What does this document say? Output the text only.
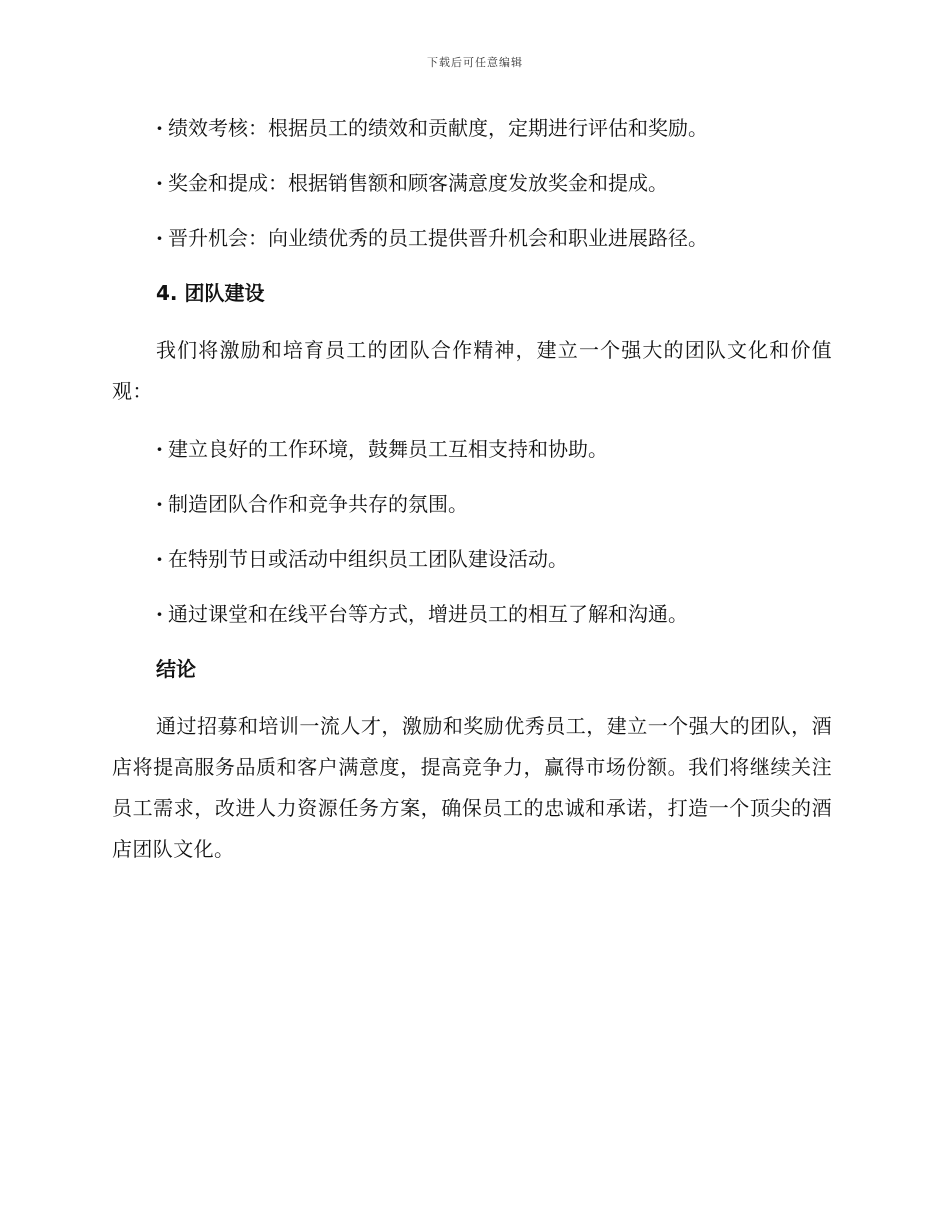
下载后可任意编辑
· 绩效考核：根据员工的绩效和贡献度，定期进行评估和奖励。
· 奖金和提成：根据销售额和顾客满意度发放奖金和提成。
· 晋升机会：向业绩优秀的员工提供晋升机会和职业进展路径。
4. 团队建设
我们将激励和培育员工的团队合作精神，建立一个强大的团队文化和价值观：
· 建立良好的工作环境，鼓舞员工互相支持和协助。
· 制造团队合作和竞争共存的氛围。
· 在特别节日或活动中组织员工团队建设活动。
· 通过课堂和在线平台等方式，增进员工的相互了解和沟通。
结论
通过招募和培训一流人才，激励和奖励优秀员工，建立一个强大的团队，酒店将提高服务品质和客户满意度，提高竞争力，赢得市场份额。我们将继续关注员工需求，改进人力资源任务方案，确保员工的忠诚和承诺，打造一个顶尖的酒店团队文化。
